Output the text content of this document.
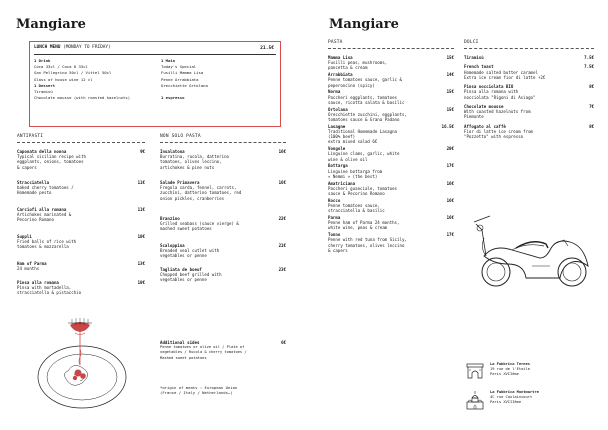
Mangiare
LUNCH MENU (MONDAY TO FRIDAY)	21.5€
1 Drink
Coca 33cl / Coca 0 33cl
San Pellegrino 50cl / Vittel 50cl
Glass of house wine 12 cl
1 Dessert
Tiramisù
Chocolate mousse (with roasted hazelnuts)
1 Main
Today's Special
Fusilli Mamma Lisa
Penne Arrabbiata
Orecchiette Ortolana
1 espresso
ANTIPASTI	NON SOLO PASTA
Caponata della nonna	9€
Typical sicilian recipe with
eggplants, onions, tomatoes
& capers
Stracciatella	11€
baked cherry tomatoes /
Homemade pesto
Carciofi alla romana	11€
Artichokes marinated &
Pecorino Romano
Supplì	10€
Fried balls of rice with
tomatoes & mozzarella
Ham of Parma	13€
24 months
Pinsa alla romana	10€
Pinsa with mortadella,
stracciatella & pistacchio
Insalatona	16€
Burratina, rucola, datterino
tomatoes, olives leccino,
artichokes & pine nuts
Salade Primavera	16€
Fregola sarda, fennel, carrots,
zucchini, datterino tomatoes, red
onion pickles, cranberries
Branzino	22€
Grilled seabass (sauce vierge) &
mashed sweet potatoes
Scaloppina	21€
Breaded veal cutlet with
vegetables or penne
Tagliata de boeuf	23€
Chopped beef grilled with
vegetables or penne
Additional sides	6€
Penne tomatoes or olive oil / Plate of
vegetables / Rucola & cherry tomatoes /
Mashed sweet potatoes
*origin of meats : European Union
(France / Italy / Netherlands…)
Mangiare
PASTA	DOLCI
Mamma Lisa	15€
Fusilli peas, mushrooms,
pancetta & cream
Arrabbiata	14€
Penne tomatoes sauce, garlic &
peperoncino (spicy)
Norma	15€
Paccheri eggplants, tomatoes
sauce, ricotta salata & basilic
Ortolana	15€
Orecchiette zucchini, eggplants,
tomatoes sauce & Grana Padano
Lasagne	16.5€
Traditional Homemade Lasagna
(100% beef)
extra mixed salad 6€
Vongole	20€
Linguine clams, garlic, white
wine & olive oil
Bottarga	17€
Linguine bottarga from
« Nemmi » (the best)
Amatriciana	16€
Paccheri guanciale, tomatoes
sauce & Pecorino Romano
Rocco	16€
Penne tomatoes sauce,
stracciatella & basilic
Parma	16€
Penne ham of Parma 24 months,
white wine, peas & cream
Tonno	17€
Penne with red tuna from Sicily,
cherry tomatoes, olives leccino
& capers
Tiramisù	7.5€
French toast	7.5€
Homemade salted butter caramel
Extra ice cream fior di latte +2€
Pinsa nocciolata BIO	8€
Pinsa alla romana with
nocciolata "Rigoni di Asiago"
Chocolate mousse	7€
With coasted hazelnuts from
Piemonte
Affogato al caffè	8€
Fior di latte ice cream from
"Pozzetto" with espresso
La Fabbrica Ternes
19 rue de l'Etoile
Paris XVIIème
La Fabbrica Montmartre
4C rue Caulaincourt
Paris XVIIIème
